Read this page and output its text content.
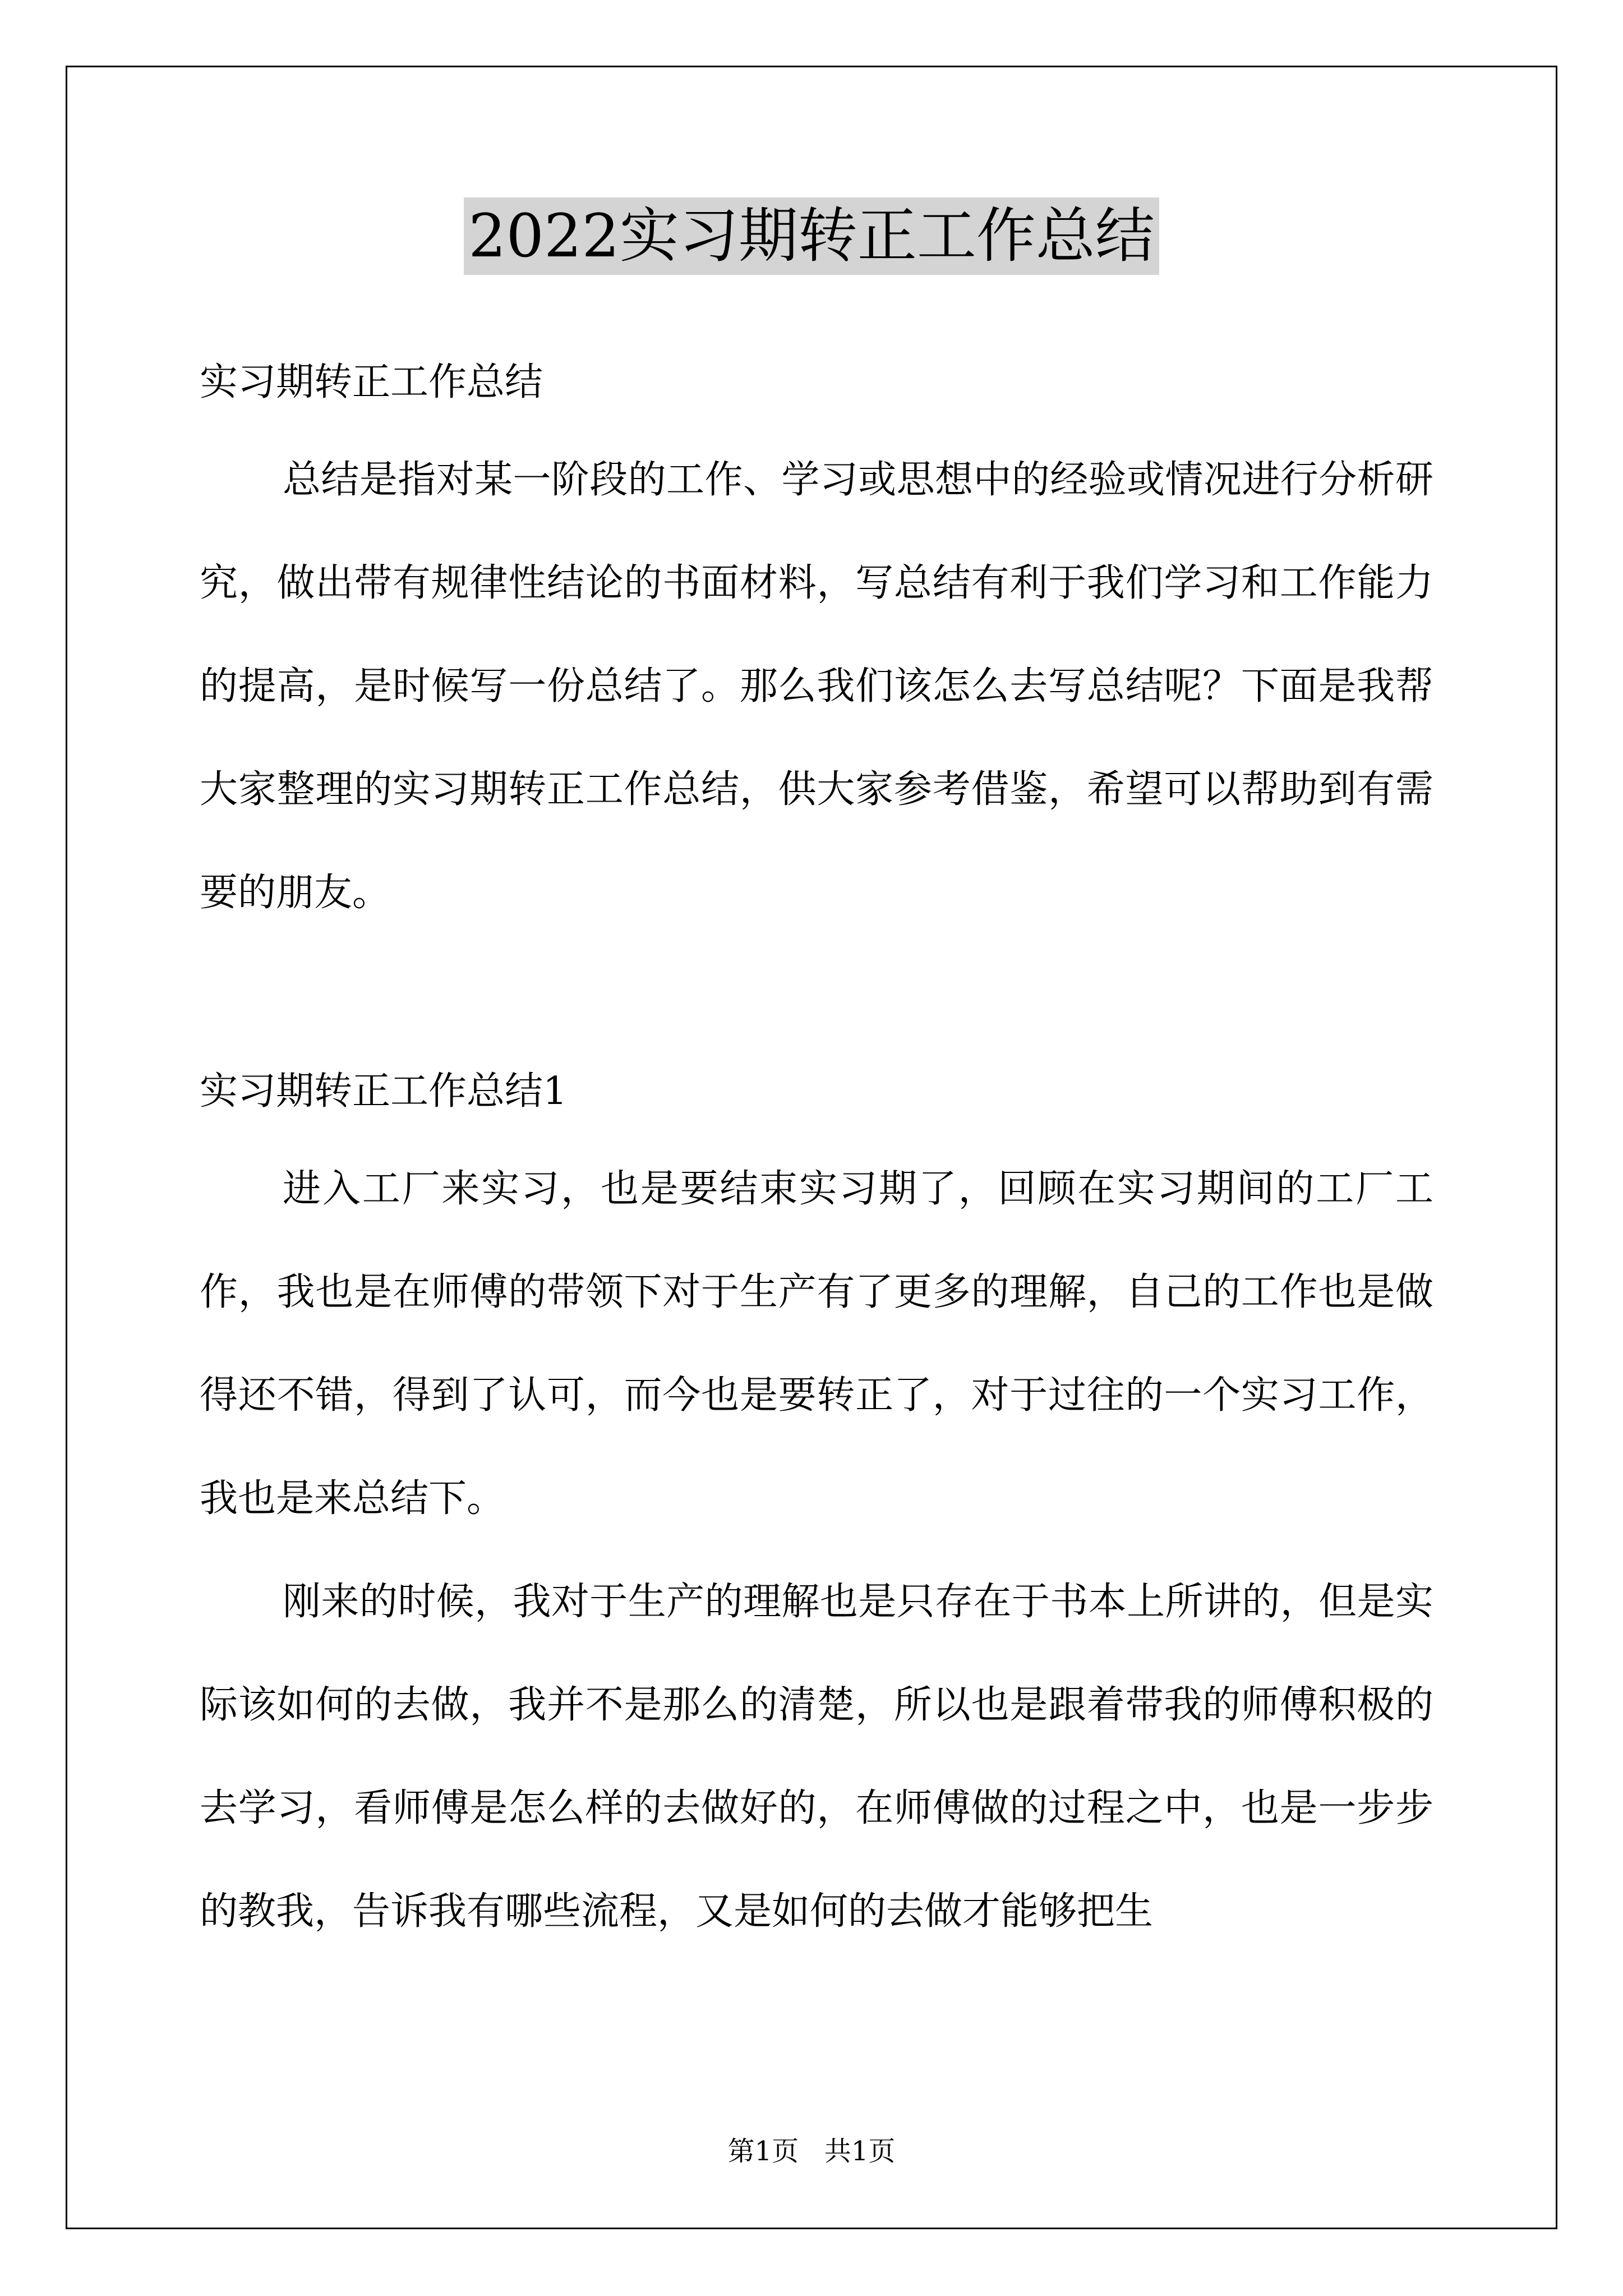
2022实习期转正工作总结
实习期转正工作总结

总结是指对某一阶段的工作、学习或思想中的经验或情况进行分析研究，做出带有规律性结论的书面材料，写总结有利于我们学习和工作能力的提高，是时候写一份总结了。那么我们该怎么去写总结呢？下面是我帮大家整理的实习期转正工作总结，供大家参考借鉴，希望可以帮助到有需要的朋友。

实习期转正工作总结1

进入工厂来实习，也是要结束实习期了，回顾在实习期间的工厂工作，我也是在师傅的带领下对于生产有了更多的理解，自己的工作也是做得还不错，得到了认可，而今也是要转正了，对于过往的一个实习工作，我也是来总结下。

刚来的时候，我对于生产的理解也是只存在于书本上所讲的，但是实际该如何的去做，我并不是那么的清楚，所以也是跟着带我的师傅积极的去学习，看师傅是怎么样的去做好的，在师傅做的过程之中，也是一步步的教我，告诉我有哪些流程，又是如何的去做才能够把生

第1页   共1页
